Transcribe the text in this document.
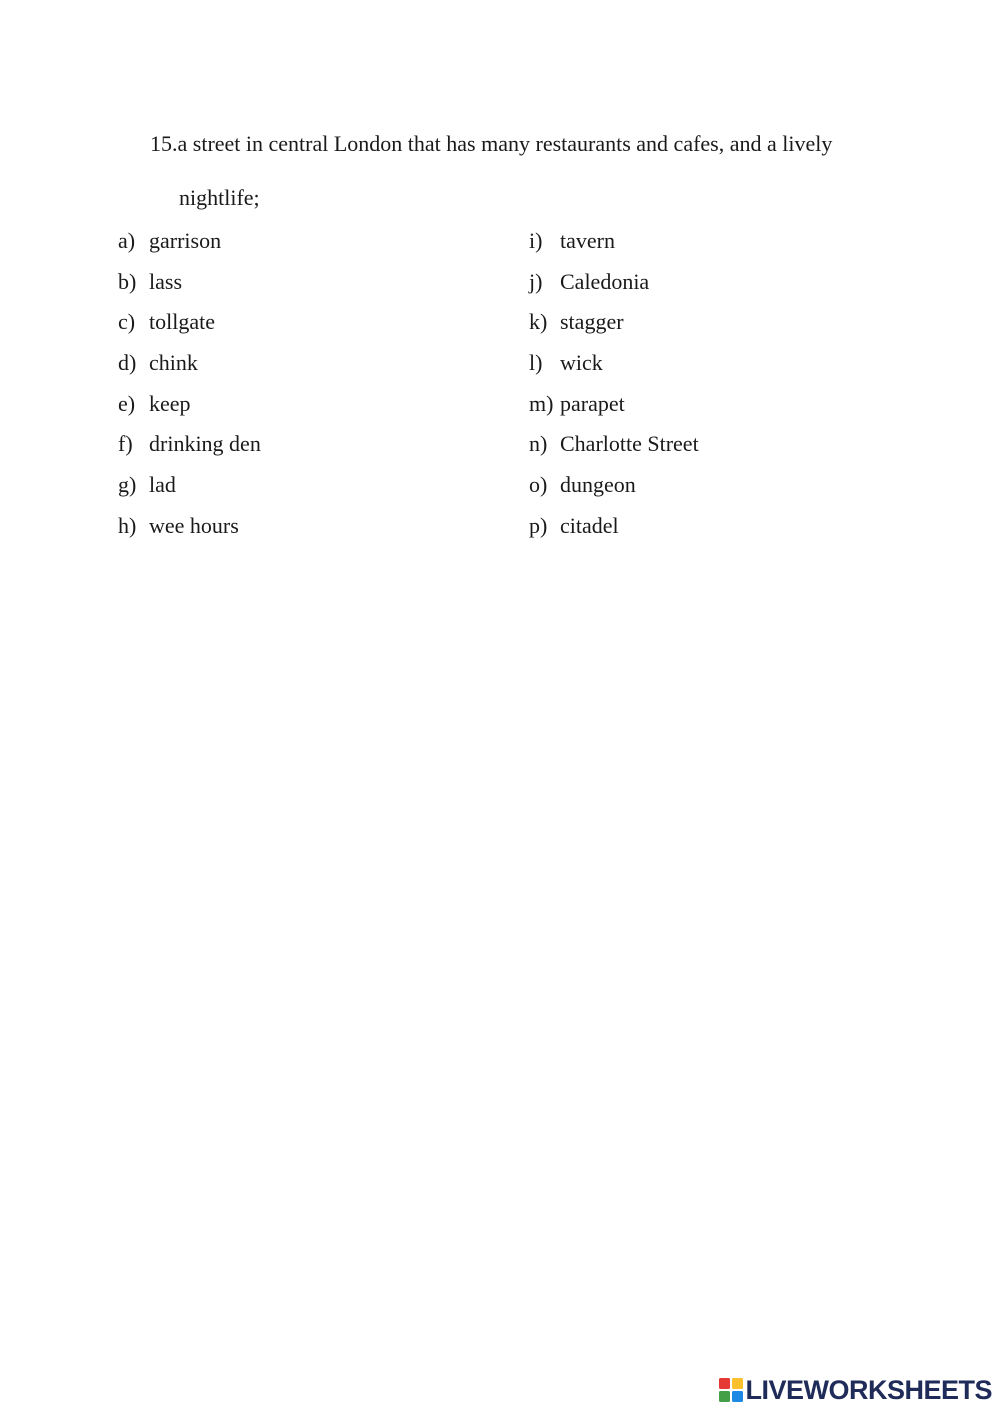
15.a street in central London that has many restaurants and cafes, and a lively
nightlife;
a) garrison
b) lass
c) tollgate
d) chink
e) keep
f) drinking den
g) lad
h) wee hours
i) tavern
j) Caledonia
k) stagger
l) wick
m) parapet
n) Charlotte Street
o) dungeon
p) citadel
LIVEWORKSHEETS
